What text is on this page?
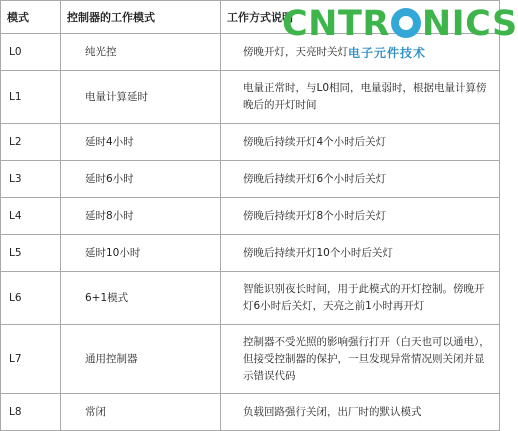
模式	控制器的工作模式	工作方式说明
L0	纯光控	傍晚开灯，天亮时关灯
L1	电量计算延时	电量正常时，与L0相同，电量弱时，根据电量计算傍晚后的开灯时间
L2	延时4小时	傍晚后持续开灯4个小时后关灯
L3	延时6小时	傍晚后持续开灯6个小时后关灯
L4	延时8小时	傍晚后持续开灯8个小时后关灯
L5	延时10小时	傍晚后持续开灯10个小时后关灯
L6	6+1模式	智能识别夜长时间，用于此模式的开灯控制。傍晚开灯6小时后关灯，天亮之前1小时再开灯
L7	通用控制器	控制器不受光照的影响强行打开（白天也可以通电），但接受控制器的保护，一旦发现异常情况则关闭并显示错误代码
L8	常闭	负载回路强行关闭，出厂时的默认模式
CNTR NICS
电子元件技术
